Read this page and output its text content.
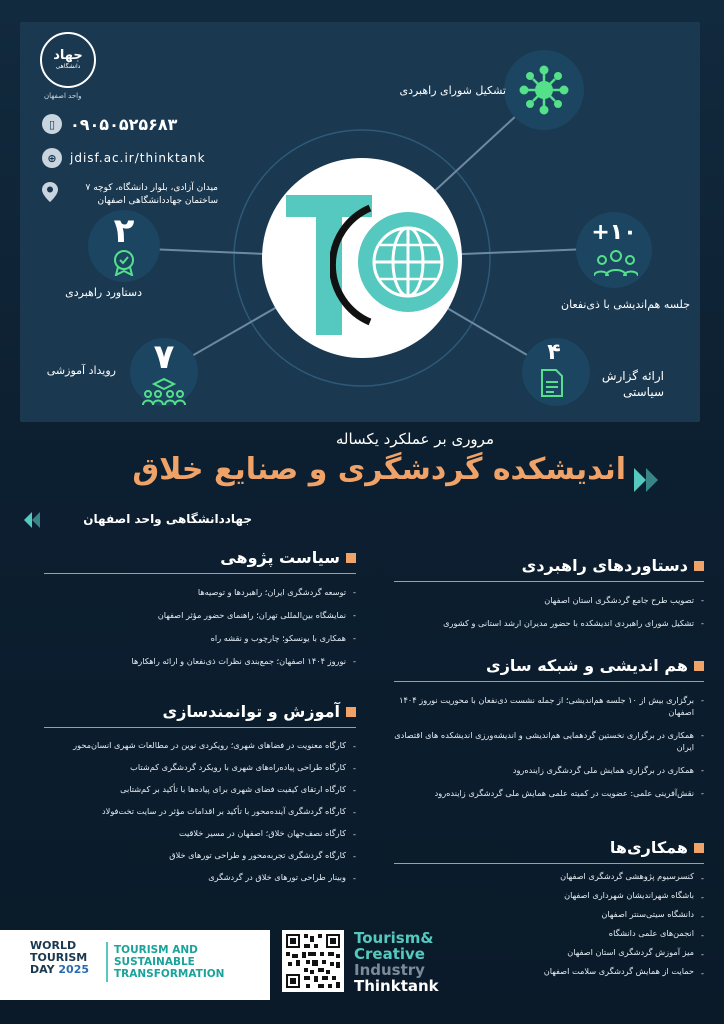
جهاد
دانشگاهی
واحد اصفهان
▯ ۰۹۰۵۰۵۲۵۶۸۳
⊕	jdisf.ac.ir/thinktank
میدان آزادی، بلوار دانشگاه، کوچه ۷
ساختمان جهاددانشگاهی اصفهان
تشکیل شورای راهبردی
+۱۰
جلسه هم‌اندیشی با ذی‌نفعان
۴
ارائه گزارش
سیاستی
۲
دستاورد راهبردی
۷
رویداد آموزشی
مروری بر عملکرد یکساله
اندیشکده گردشگری و صنایع خلاق
جهاددانشگاهی واحد اصفهان
دستاوردهای راهبردی
- تصویب طرح جامع گردشگری استان اصفهان
- تشکیل شورای راهبردی اندیشکده با حضور مدیران ارشد استانی و کشوری
هم اندیشی و شبکه سازی
- برگزاری بیش از ۱۰ جلسه هم‌اندیشی؛ از جمله نشست ذی‌نفعان با محوریت نوروز ۱۴۰۴ اصفهان
- همکاری در برگزاری نخستین گردهمایی هم‌اندیشی و اندیشه‌ورزی اندیشکده های اقتصادی ایران
- همکاری در برگزاری همایش ملی گردشگری زاینده‌رود
- نقش‌آفرینی علمی: عضویت در کمیته علمی همایش ملی گردشگری زاینده‌رود
همکاری‌ها
- کنسرسیوم پژوهشی گردشگری اصفهان
- باشگاه شهراندیشان شهرداری اصفهان
- دانشگاه سیتی‌سنتر اصفهان
- انجمن‌های علمی دانشگاه
- میز آموزش گردشگری استان اصفهان
- حمایت از همایش گردشگری سلامت اصفهان
سیاست پژوهی
- توسعه گردشگری ایران؛ راهبردها و توصیه‌ها
- نمایشگاه بین‌المللی تهران؛ راهنمای حضور مؤثر اصفهان
- همکاری با یونسکو؛ چارچوب و نقشه راه
- نوروز ۱۴۰۴ اصفهان؛ جمع‌بندی نظرات ذی‌نفعان و ارائه راهکارها
آموزش و توانمندسازی
- کارگاه معنویت در فضاهای شهری؛ رویکردی نوین در مطالعات شهری انسان‌محور
- کارگاه طراحی پیاده‌راه‌های شهری با رویکرد گردشگری کم‌شتاب
- کارگاه ارتقای کیفیت فضای شهری برای پیاده‌ها با تأکید بر کم‌شتابی
- کارگاه گردشگری آینده‌محور با تأکید بر اقدامات مؤثر در سایت تخت‌فولاد
- کارگاه نصف‌جهان خلاق؛ اصفهان در مسیر خلاقیت
- کارگاه گردشگری تجربه‌محور و طراحی تورهای خلاق
- وبینار طراحی تورهای خلاق در گردشگری
WORLD
TOURISM
DAY 2025
TOURISM AND
SUSTAINABLE
TRANSFORMATION
Tourism&
Creative
Industry
Thinktank
